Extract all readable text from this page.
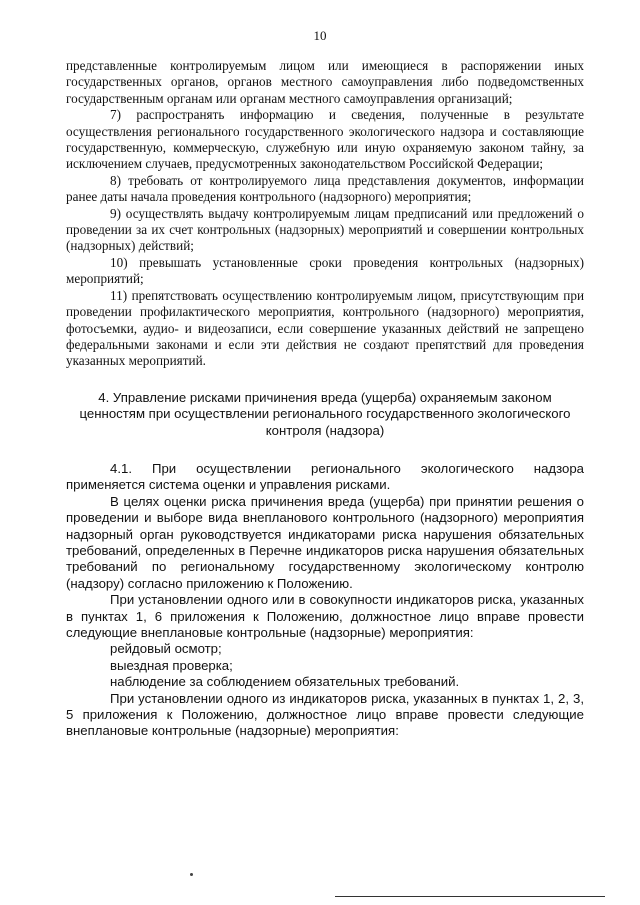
10

представленные контролируемым лицом или имеющиеся в распоряжении иных государственных органов, органов местного самоуправления либо подведомственных государственным органам или органам местного самоуправления организаций;

7) распространять информацию и сведения, полученные в результате осуществления регионального государственного экологического надзора и составляющие государственную, коммерческую, служебную или иную охраняемую законом тайну, за исключением случаев, предусмотренных законодательством Российской Федерации;

8) требовать от контролируемого лица представления документов, информации ранее даты начала проведения контрольного (надзорного) мероприятия;

9) осуществлять выдачу контролируемым лицам предписаний или предложений о проведении за их счет контрольных (надзорных) мероприятий и совершении контрольных (надзорных) действий;

10) превышать установленные сроки проведения контрольных (надзорных) мероприятий;

11) препятствовать осуществлению контролируемым лицом, присутствующим при проведении профилактического мероприятия, контрольного (надзорного) мероприятия, фотосъемки, аудио- и видеозаписи, если совершение указанных действий не запрещено федеральными законами и если эти действия не создают препятствий для проведения указанных мероприятий.

4. Управление рисками причинения вреда (ущерба) охраняемым законом ценностям при осуществлении регионального государственного экологического контроля (надзора)

4.1. При осуществлении регионального экологического надзора применяется система оценки и управления рисками.

В целях оценки риска причинения вреда (ущерба) при принятии решения о проведении и выборе вида внепланового контрольного (надзорного) мероприятия надзорный орган руководствуется индикаторами риска нарушения обязательных требований, определенных в Перечне индикаторов риска нарушения обязательных требований по региональному государственному экологическому контролю (надзору) согласно приложению к Положению.

При установлении одного или в совокупности индикаторов риска, указанных в пунктах 1, 6 приложения к Положению, должностное лицо вправе провести следующие внеплановые контрольные (надзорные) мероприятия:

рейдовый осмотр;

выездная проверка;

наблюдение за соблюдением обязательных требований.

При установлении одного из индикаторов риска, указанных в пунктах 1, 2, 3, 5 приложения к Положению, должностное лицо вправе провести следующие внеплановые контрольные (надзорные) мероприятия:
